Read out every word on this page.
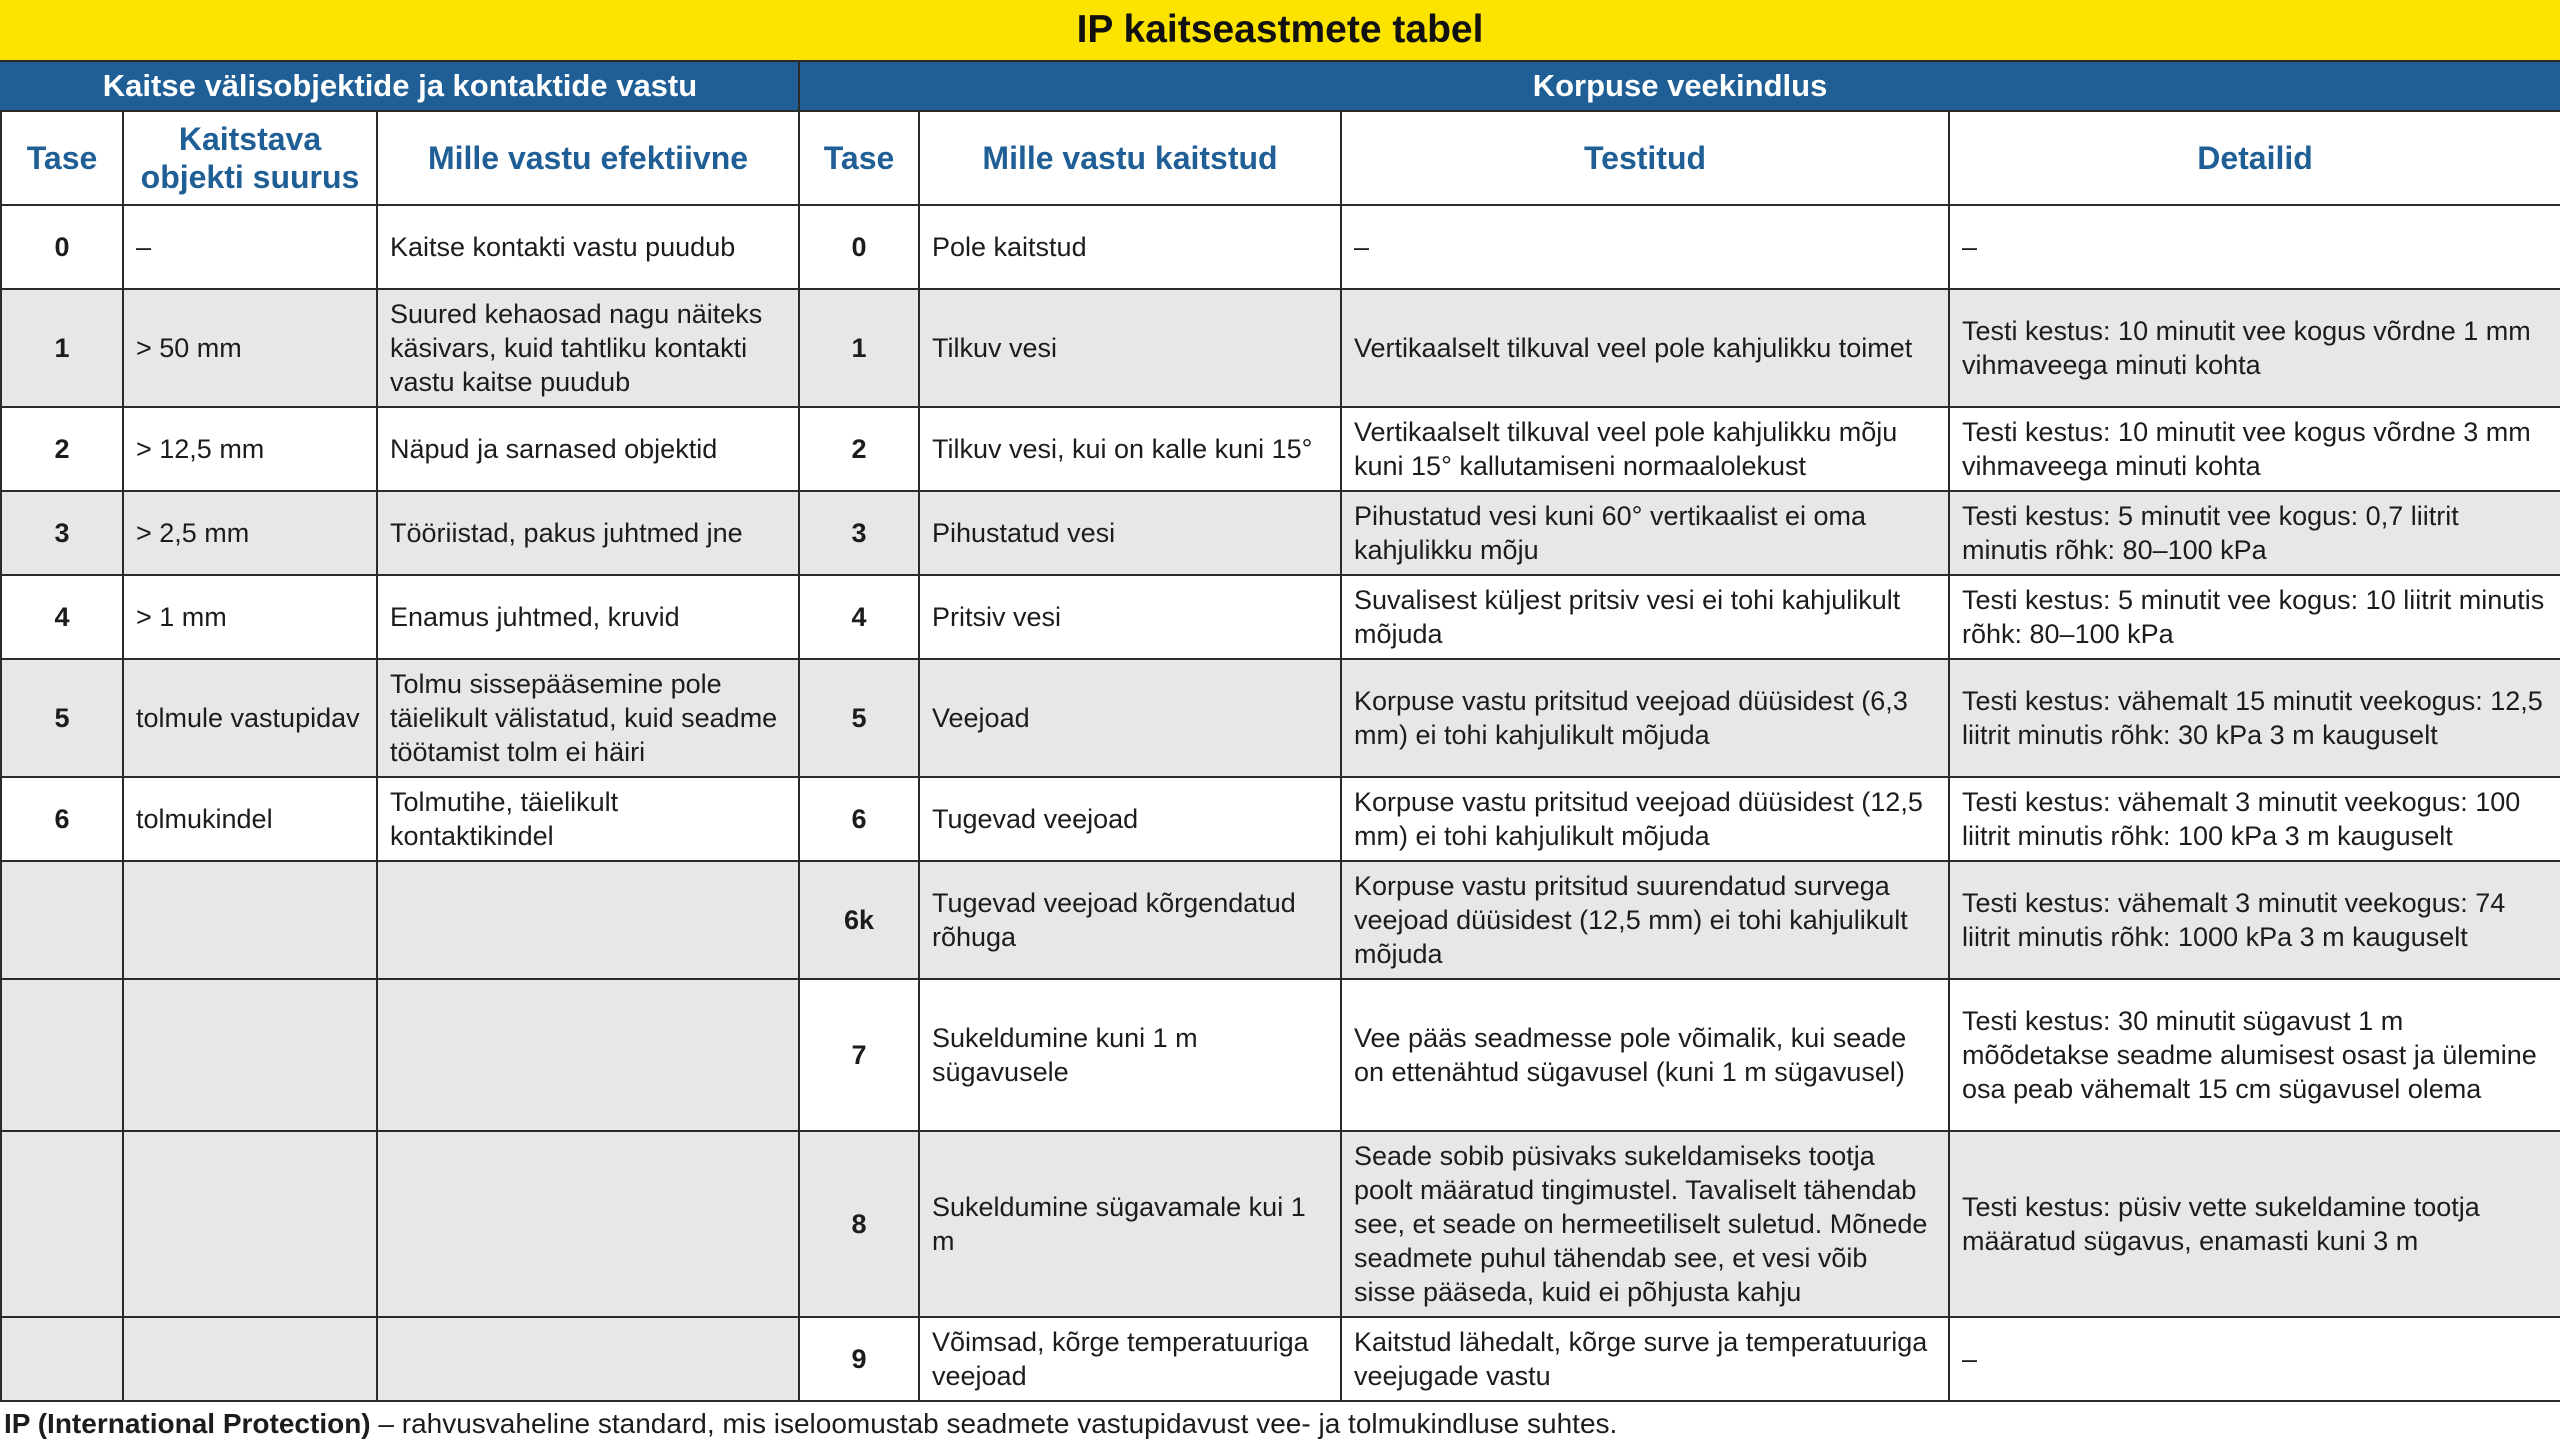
IP kaitseastmete tabel
Kaitse välisobjektide ja kontaktide vastu			Korpuse veekindlus			
Tase	Kaitstava objekti suurus	Mille vastu efektiivne	Tase	Mille vastu kaitstud	Testitud	Detailid
0	–	Kaitse kontakti vastu puudub	0	Pole kaitstud	–	–
1	> 50 mm	Suured kehaosad nagu näiteks käsivars, kuid tahtliku kontakti vastu kaitse puudub	1	Tilkuv vesi	Vertikaalselt tilkuval veel pole kahjulikku toimet	Testi kestus: 10 minutit vee kogus võrdne 1 mm vihmaveega minuti kohta
2	> 12,5 mm	Näpud ja sarnased objektid	2	Tilkuv vesi, kui on kalle kuni 15°	Vertikaalselt tilkuval veel pole kahjulikku mõju kuni 15° kallutamiseni normaalolekust	Testi kestus: 10 minutit vee kogus võrdne 3 mm vihmaveega minuti kohta
3	> 2,5 mm	Tööriistad, pakus juhtmed jne	3	Pihustatud vesi	Pihustatud vesi kuni 60° vertikaalist ei oma kahjulikku mõju	Testi kestus: 5 minutit vee kogus: 0,7 liitrit minutis rõhk: 80–100 kPa
4	> 1 mm	Enamus juhtmed, kruvid	4	Pritsiv vesi	Suvalisest küljest pritsiv vesi ei tohi kahjulikult mõjuda	Testi kestus: 5 minutit vee kogus: 10 liitrit minutis rõhk: 80–100 kPa
5	tolmule vastupidav	Tolmu sissepääsemine pole täielikult välistatud, kuid seadme töötamist tolm ei häiri	5	Veejoad	Korpuse vastu pritsitud veejoad düüsidest (6,3 mm) ei tohi kahjulikult mõjuda	Testi kestus: vähemalt 15 minutit veekogus: 12,5 liitrit minutis rõhk: 30 kPa 3 m kauguselt
6	tolmukindel	Tolmutihe, täielikult kontaktikindel	6	Tugevad veejoad	Korpuse vastu pritsitud veejoad düüsidest (12,5 mm) ei tohi kahjulikult mõjuda	Testi kestus: vähemalt 3 minutit veekogus: 100 liitrit minutis rõhk: 100 kPa 3 m kauguselt
			6k	Tugevad veejoad kõrgendatud rõhuga	Korpuse vastu pritsitud suurendatud survega veejoad düüsidest (12,5 mm) ei tohi kahjulikult mõjuda	Testi kestus: vähemalt 3 minutit veekogus: 74 liitrit minutis rõhk: 1000 kPa 3 m kauguselt
			7	Sukeldumine kuni 1 m sügavusele	Vee pääs seadmesse pole võimalik, kui seade on ettenähtud sügavusel (kuni 1 m sügavusel)	Testi kestus: 30 minutit sügavust 1 m mõõdetakse seadme alumisest osast ja ülemine osa peab vähemalt 15 cm sügavusel olema
			8	Sukeldumine sügavamale kui 1 m	Seade sobib püsivaks sukeldamiseks tootja poolt määratud tingimustel. Tavaliselt tähendab see, et seade on hermeetiliselt suletud. Mõnede seadmete puhul tähendab see, et vesi võib sisse pääseda, kuid ei põhjusta kahju	Testi kestus: püsiv vette sukeldamine tootja määratud sügavus, enamasti kuni 3 m
			9	Võimsad, kõrge temperatuuriga veejoad	Kaitstud lähedalt, kõrge surve ja temperatuuriga veejugade vastu	–
IP (International Protection) – rahvusvaheline standard, mis iseloomustab seadmete vastupidavust vee- ja tolmukindluse suhtes.
